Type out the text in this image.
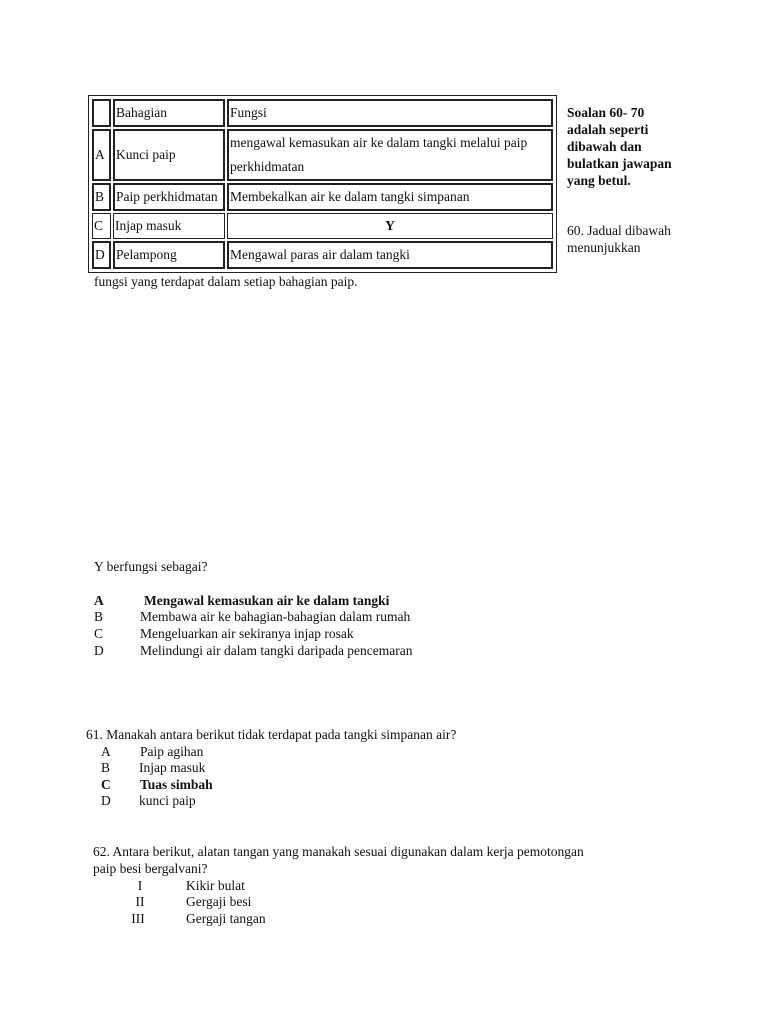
	Bahagian	Fungsi
A	Kunci paip	mengawal kemasukan air ke dalam tangki melalui paip perkhidmatan
B	Paip perkhidmatan	Membekalkan air ke dalam tangki simpanan
C	Injap masuk	Y
D	Pelampong	Mengawal paras air dalam tangki
Soalan 60- 70 adalah seperti dibawah dan bulatkan jawapan yang betul.
60. Jadual dibawah menunjukkan
fungsi yang terdapat dalam setiap bahagian paip.
Y berfungsi sebagai?
A	Mengawal kemasukan air ke dalam tangki
B	Membawa air ke bahagian-bahagian dalam rumah
C	Mengeluarkan air sekiranya injap rosak
D	Melindungi air dalam tangki daripada pencemaran
61. Manakah antara berikut tidak terdapat pada tangki simpanan air?
A	Paip agihan
B	Injap masuk
C	Tuas simbah
D	kunci paip
62. Antara berikut, alatan tangan yang manakah sesuai digunakan dalam kerja pemotongan
paip besi bergalvani?
I	Kikir bulat
II	Gergaji besi
III	Gergaji tangan
